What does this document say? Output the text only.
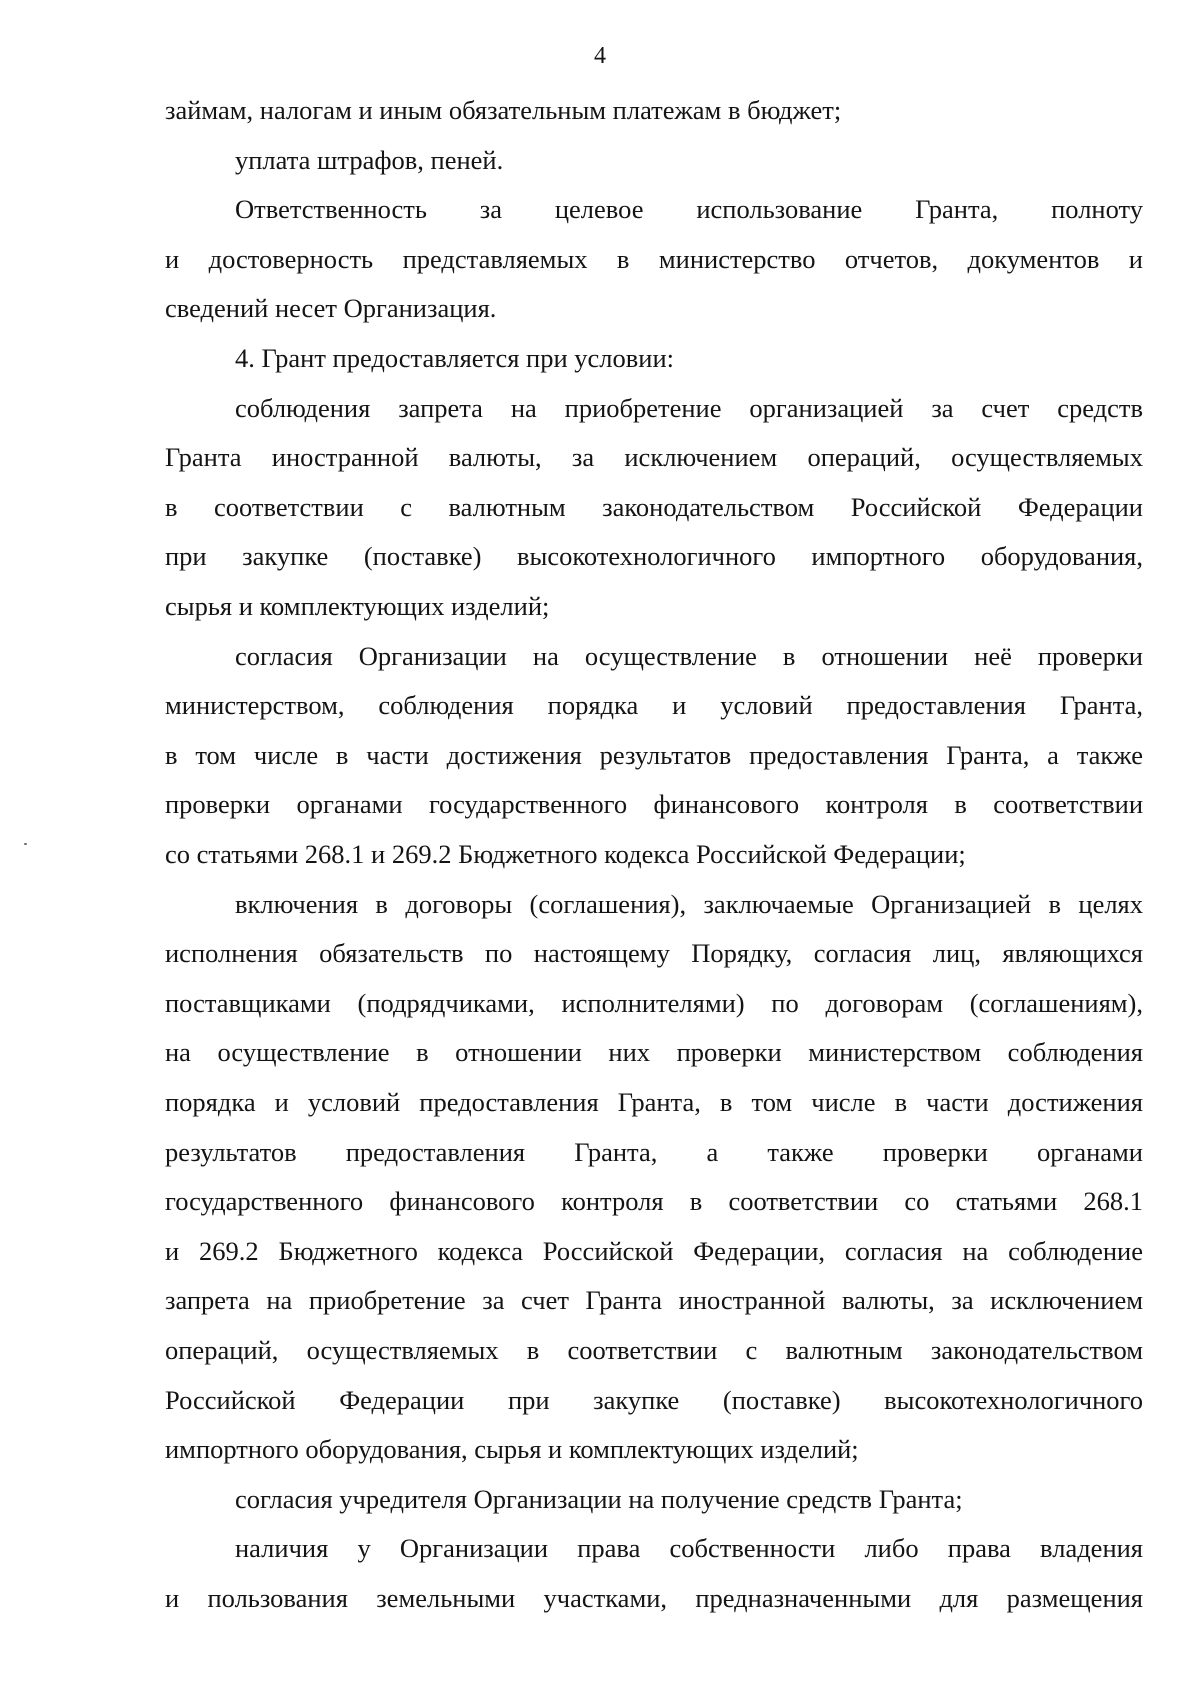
4
займам, налогам и иным обязательным платежам в бюджет;
уплата штрафов, пеней.
Ответственность за целевое использование Гранта, полноту
и достоверность представляемых в министерство отчетов, документов и
сведений несет Организация.
4. Грант предоставляется при условии:
соблюдения запрета на приобретение организацией за счет средств
Гранта иностранной валюты, за исключением операций, осуществляемых
в соответствии с валютным законодательством Российской Федерации
при закупке (поставке) высокотехнологичного импортного оборудования,
сырья и комплектующих изделий;
согласия Организации на осуществление в отношении неё проверки
министерством, соблюдения порядка и условий предоставления Гранта,
в том числе в части достижения результатов предоставления Гранта, а также
проверки органами государственного финансового контроля в соответствии
со статьями 268.1 и 269.2 Бюджетного кодекса Российской Федерации;
включения в договоры (соглашения), заключаемые Организацией в целях
исполнения обязательств по настоящему Порядку, согласия лиц, являющихся
поставщиками (подрядчиками, исполнителями) по договорам (соглашениям),
на осуществление в отношении них проверки министерством соблюдения
порядка и условий предоставления Гранта, в том числе в части достижения
результатов предоставления Гранта, а также проверки органами
государственного финансового контроля в соответствии со статьями 268.1
и 269.2 Бюджетного кодекса Российской Федерации, согласия на соблюдение
запрета на приобретение за счет Гранта иностранной валюты, за исключением
операций, осуществляемых в соответствии с валютным законодательством
Российской Федерации при закупке (поставке) высокотехнологичного
импортного оборудования, сырья и комплектующих изделий;
согласия учредителя Организации на получение средств Гранта;
наличия у Организации права собственности либо права владения
и пользования земельными участками, предназначенными для размещения
